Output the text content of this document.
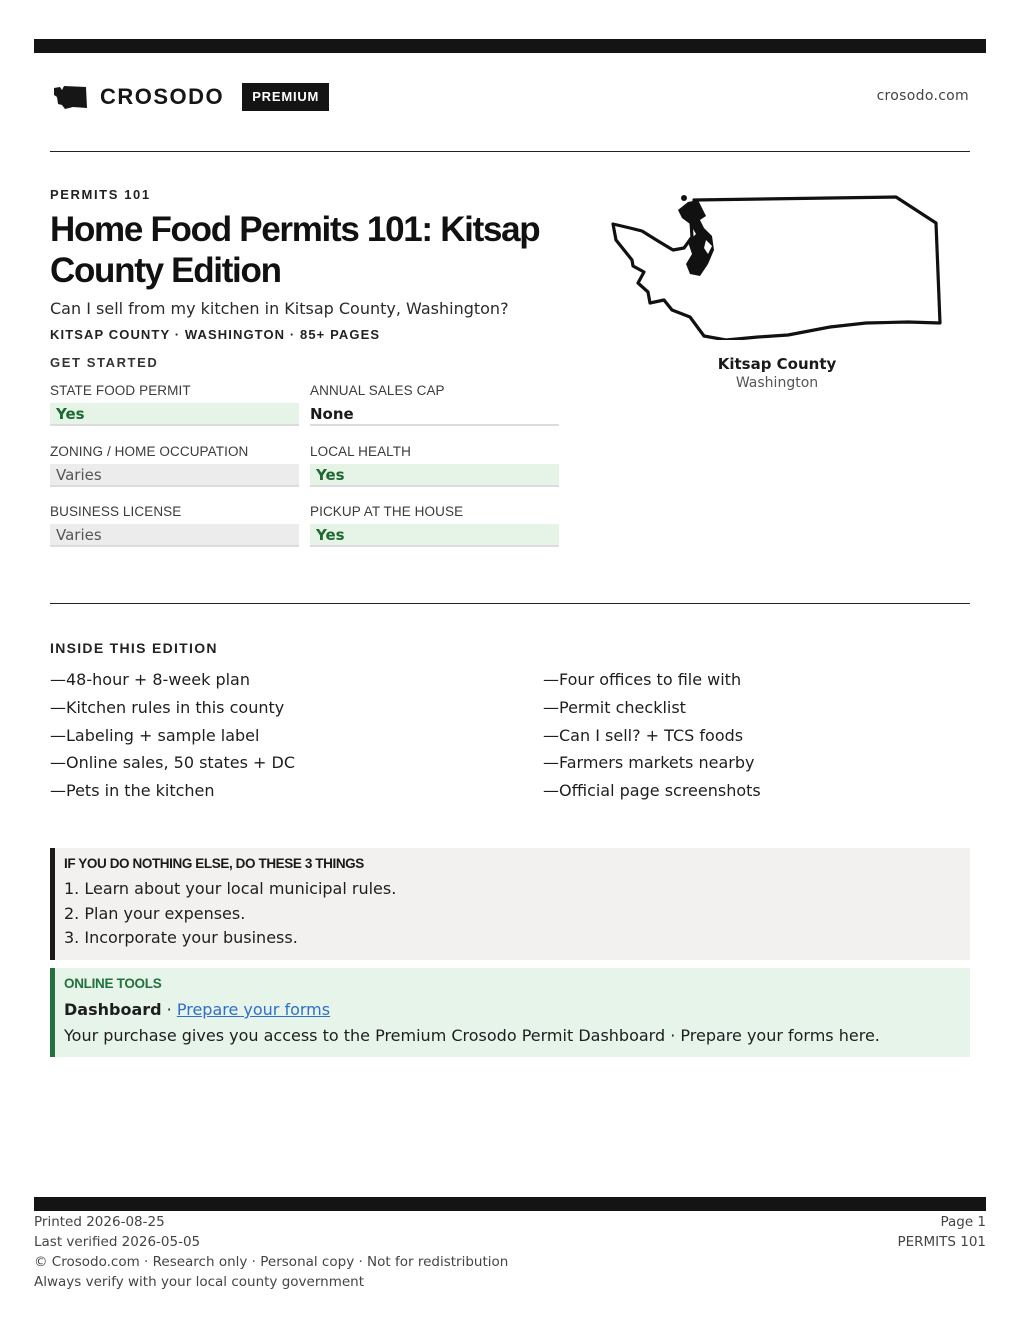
CROSODO	PREMIUM	crosodo.com
PERMITS 101
Home Food Permits 101: Kitsap County Edition
Can I sell from my kitchen in Kitsap County, Washington?
KITSAP COUNTY · WASHINGTON · 85+ PAGES
GET STARTED
STATE FOOD PERMIT
Yes
ANNUAL SALES CAP
None
ZONING / HOME OCCUPATION
Varies
LOCAL HEALTH
Yes
BUSINESS LICENSE
Varies
PICKUP AT THE HOUSE
Yes
Kitsap County
Washington
INSIDE THIS EDITION
—48-hour + 8-week plan
—Kitchen rules in this county
—Labeling + sample label
—Online sales, 50 states + DC
—Pets in the kitchen
—Four offices to file with
—Permit checklist
—Can I sell? + TCS foods
—Farmers markets nearby
—Official page screenshots
IF YOU DO NOTHING ELSE, DO THESE 3 THINGS
1. Learn about your local municipal rules.
2. Plan your expenses.
3. Incorporate your business.
ONLINE TOOLS
Dashboard · Prepare your forms
Your purchase gives you access to the Premium Crosodo Permit Dashboard · Prepare your forms here.
Printed 2026-08-25
Last verified 2026-05-05
© Crosodo.com · Research only · Personal copy · Not for redistribution
Always verify with your local county government
Page 1
PERMITS 101
